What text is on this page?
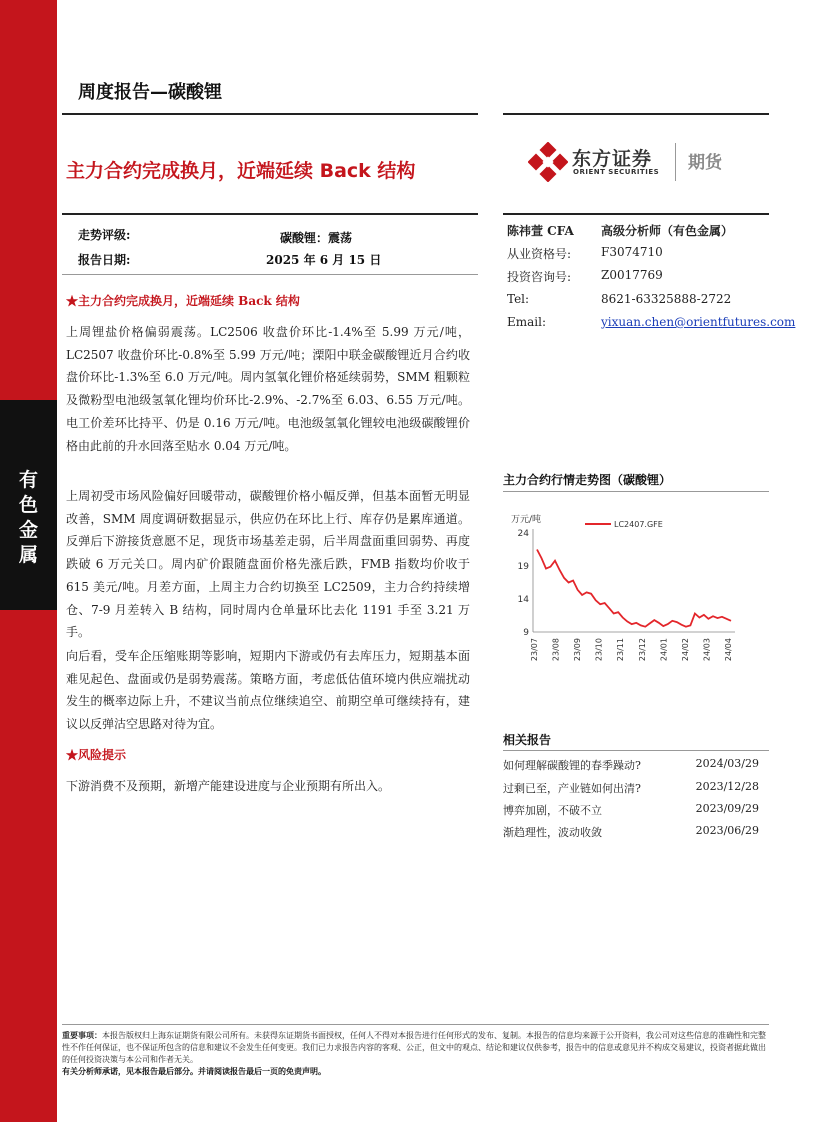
有
色
金
属
周度报告—碳酸锂
主力合约完成换月，近端延续 Back 结构
东方证券
ORIENT SECURITIES 期货
走势评级:	碳酸锂：震荡
报告日期:	2025 年 6 月 15 日
陈祎萱 CFA 高级分析师（有色金属）
从业资格号: F3074710
投资咨询号: Z0017769
Tel:	8621-63325888-2722
Email:	yixuan.chen@orientfutures.com
★主力合约完成换月，近端延续 Back 结构
上周锂盐价格偏弱震荡。LC2506 收盘价环比-1.4%至 5.99 万元/吨，LC2507 收盘价环比-0.8%至 5.99 万元/吨；溧阳中联金碳酸锂近月合约收盘价环比-1.3%至 6.0 万元/吨。周内氢氧化锂价格延续弱势，SMM 粗颗粒及微粉型电池级氢氧化锂均价环比-2.9%、-2.7%至 6.03、6.55 万元/吨。电工价差环比持平、仍是 0.16 万元/吨。电池级氢氧化锂较电池级碳酸锂价格由此前的升水回落至贴水 0.04 万元/吨。
上周初受市场风险偏好回暖带动，碳酸锂价格小幅反弹，但基本面暂无明显改善，SMM 周度调研数据显示，供应仍在环比上行、库存仍是累库通道。反弹后下游接货意愿不足，现货市场基差走弱，后半周盘面重回弱势、再度跌破 6 万元关口。周内矿价跟随盘面价格先涨后跌，FMB 指数均价收于 615 美元/吨。月差方面，上周主力合约切换至 LC2509，主力合约持续增仓、7-9 月差转入 B 结构，同时周内仓单量环比去化 1191 手至 3.21 万手。
向后看，受车企压缩账期等影响，短期内下游或仍有去库压力，短期基本面难见起色、盘面或仍是弱势震荡。策略方面，考虑低估值环境内供应端扰动发生的概率边际上升，不建议当前点位继续追空、前期空单可继续持有，建议以反弹沽空思路对待为宜。
★风险提示
下游消费不及预期，新增产能建设进度与企业预期有所出入。
主力合约行情走势图（碳酸锂）
万元/吨
24
19
14
9
23/07 23/08 23/09 23/10 23/11 23/12 24/01 24/02 24/03 24/04
LC2407.GFE
相关报告
如何理解碳酸锂的春季躁动?	2024/03/29
过剩已至，产业链如何出清?	2023/12/28
博弈加剧，不破不立	2023/09/29
渐趋理性，波动收敛	2023/06/29
重要事项：本报告版权归上海东证期货有限公司所有。未获得东证期货书面授权，任何人不得对本报告进行任何形式的发布、复制。本报告的信息均来源于公开资料，我公司对这些信息的准确性和完整性不作任何保证，也不保证所包含的信息和建议不会发生任何变更。我们已力求报告内容的客观、公正，但文中的观点、结论和建议仅供参考，报告中的信息或意见并不构成交易建议，投资者据此做出的任何投资决策与本公司和作者无关。
有关分析师承诺，见本报告最后部分。并请阅读报告最后一页的免责声明。
